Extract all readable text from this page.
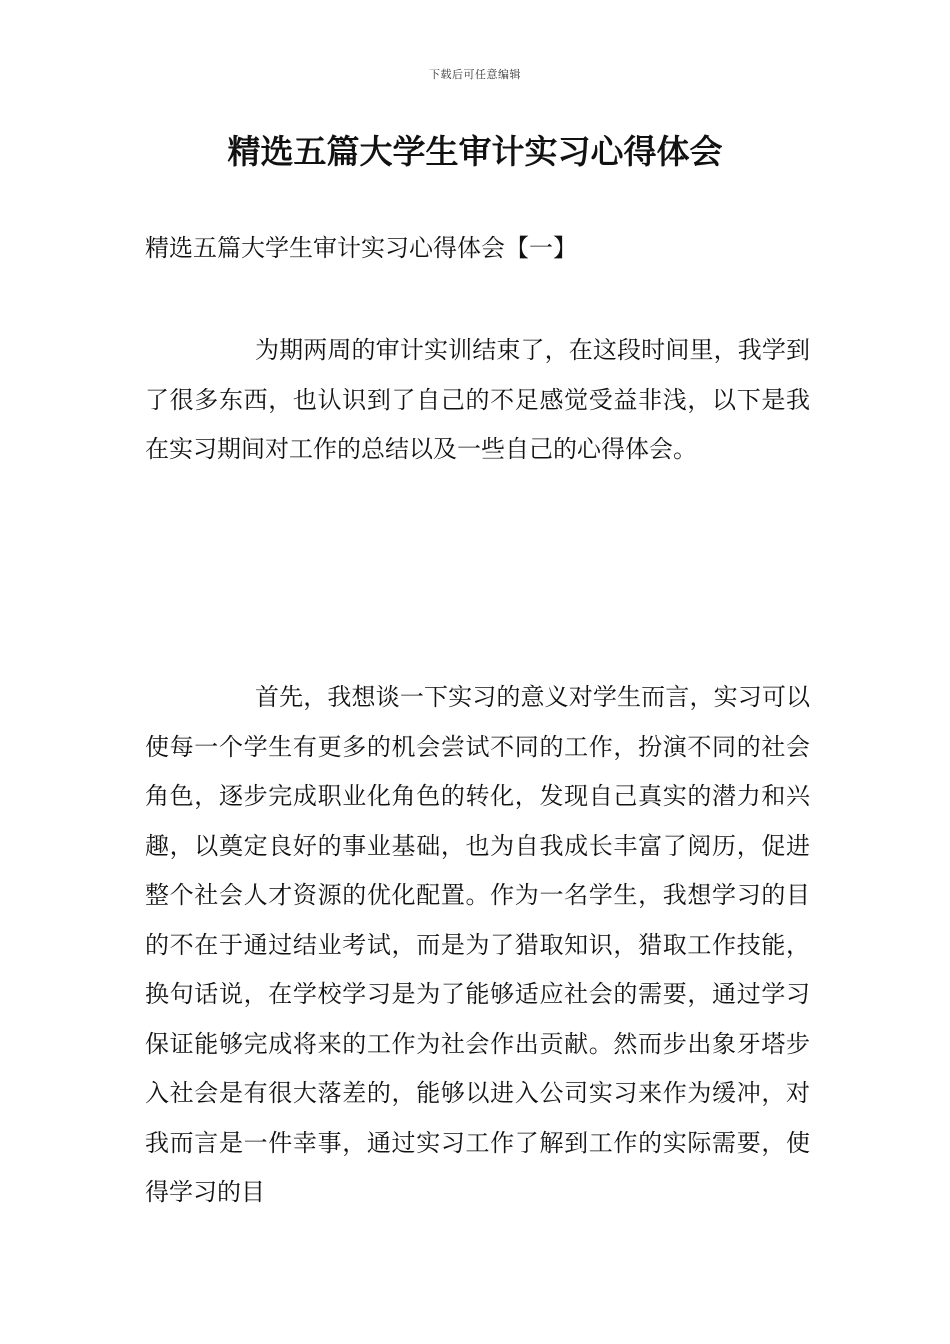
下载后可任意编辑
精选五篇大学生审计实习心得体会
精选五篇大学生审计实习心得体会【一】

为期两周的审计实训结束了，在这段时间里，我学到了很多东西，也认识到了自己的不足感觉受益非浅，以下是我在实习期间对工作的总结以及一些自己的心得体会。

首先，我想谈一下实习的意义对学生而言，实习可以使每一个学生有更多的机会尝试不同的工作，扮演不同的社会角色，逐步完成职业化角色的转化，发现自己真实的潜力和兴趣，以奠定良好的事业基础，也为自我成长丰富了阅历，促进整个社会人才资源的优化配置。作为一名学生，我想学习的目的不在于通过结业考试，而是为了猎取知识，猎取工作技能，换句话说，在学校学习是为了能够适应社会的需要，通过学习保证能够完成将来的工作为社会作出贡献。然而步出象牙塔步入社会是有很大落差的，能够以进入公司实习来作为缓冲，对我而言是一件幸事，通过实习工作了解到工作的实际需要，使得学习的目
